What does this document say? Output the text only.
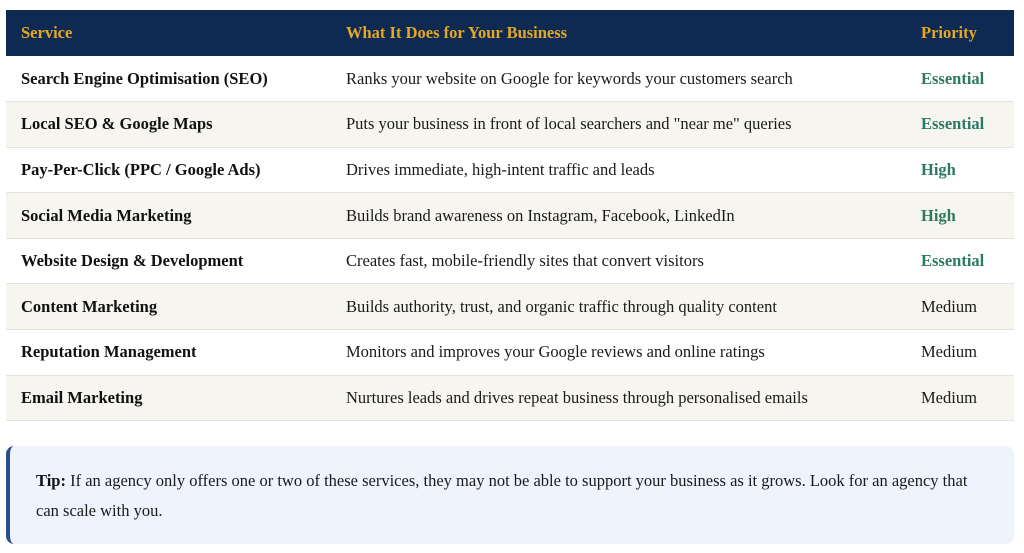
Service	What It Does for Your Business	Priority
Search Engine Optimisation (SEO)	Ranks your website on Google for keywords your customers search	Essential
Local SEO & Google Maps	Puts your business in front of local searchers and "near me" queries	Essential
Pay-Per-Click (PPC / Google Ads)	Drives immediate, high-intent traffic and leads	High
Social Media Marketing	Builds brand awareness on Instagram, Facebook, LinkedIn	High
Website Design & Development	Creates fast, mobile-friendly sites that convert visitors	Essential
Content Marketing	Builds authority, trust, and organic traffic through quality content	Medium
Reputation Management	Monitors and improves your Google reviews and online ratings	Medium
Email Marketing	Nurtures leads and drives repeat business through personalised emails	Medium
Tip: If an agency only offers one or two of these services, they may not be able to support your business as it grows. Look for an agency that can scale with you.
